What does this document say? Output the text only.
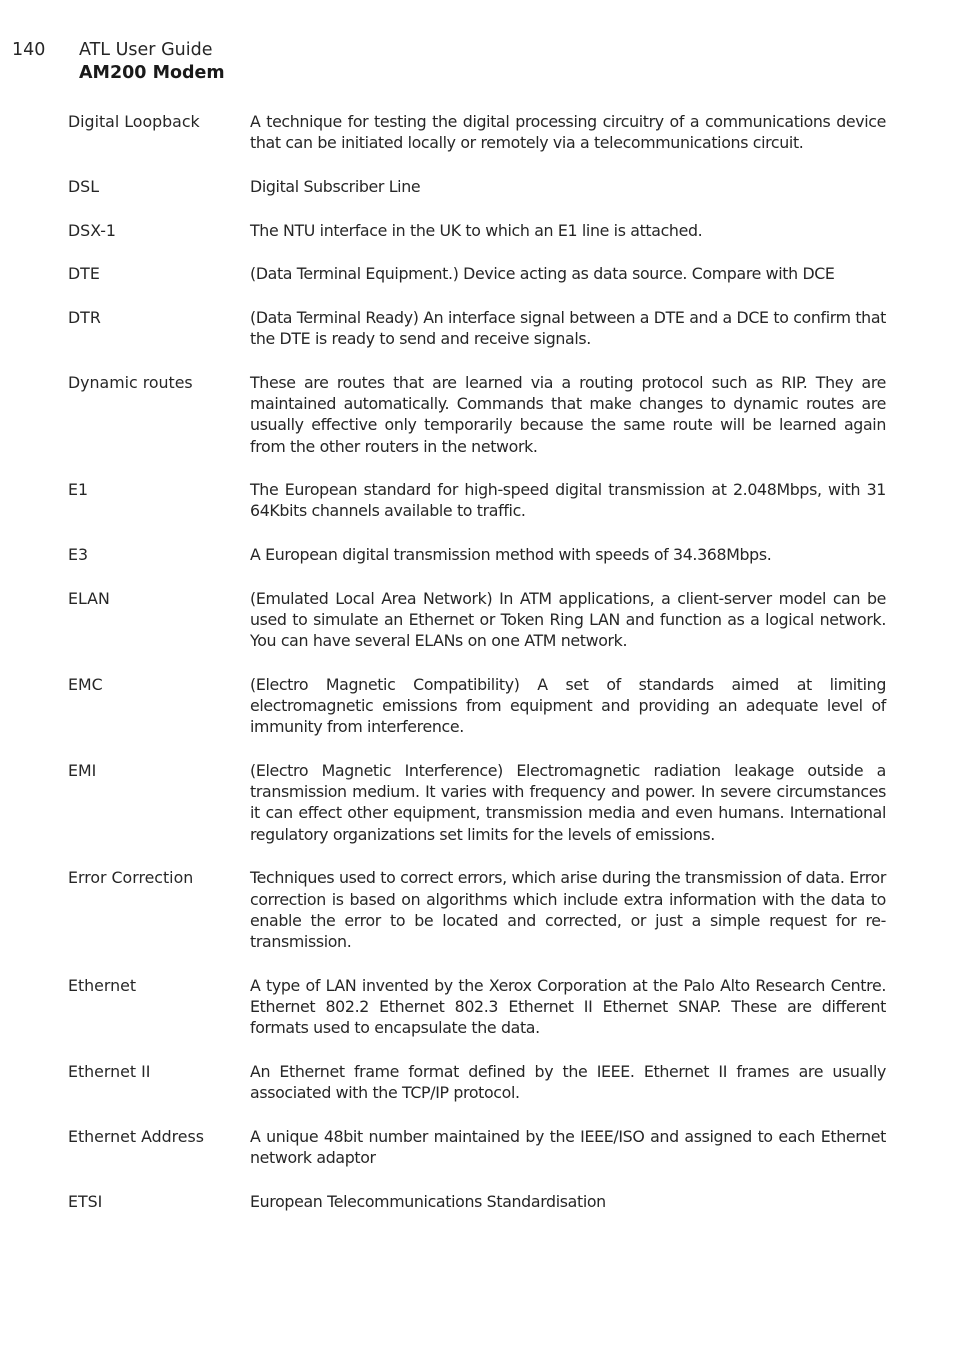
140	ATL User Guide
AM200 Modem
Digital Loopback	A technique for testing the digital processing circuitry of a communications device that can be initiated locally or remotely via a telecommunications circuit.
DSL	Digital Subscriber Line
DSX-1	The NTU interface in the UK to which an E1 line is attached.
DTE	(Data Terminal Equipment.) Device acting as data source. Compare with DCE
DTR	(Data Terminal Ready) An interface signal between a DTE and a DCE to confirm that the DTE is ready to send and receive signals.
Dynamic routes	These are routes that are learned via a routing protocol such as RIP. They are maintained automatically. Commands that make changes to dynamic routes are usually effective only temporarily because the same route will be learned again from the other routers in the network.
E1	The European standard for high-speed digital transmission at 2.048Mbps, with 31 64Kbits channels available to traffic.
E3	A European digital transmission method with speeds of 34.368Mbps.
ELAN	(Emulated Local Area Network) In ATM applications, a client-server model can be used to simulate an Ethernet or Token Ring LAN and function as a logical network. You can have several ELANs on one ATM network.
EMC	(Electro Magnetic Compatibility) A set of standards aimed at limiting electromagnetic emissions from equipment and providing an adequate level of immunity from interference.
EMI	(Electro Magnetic Interference) Electromagnetic radiation leakage outside a transmission medium. It varies with frequency and power. In severe circumstances it can effect other equipment, transmission media and even humans. International regulatory organizations set limits for the levels of emissions.
Error Correction	Techniques used to correct errors, which arise during the transmission of data. Error correction is based on algorithms which include extra information with the data to enable the error to be located and corrected, or just a simple request for re-transmission.
Ethernet	A type of LAN invented by the Xerox Corporation at the Palo Alto Research Centre. Ethernet 802.2 Ethernet 802.3 Ethernet II Ethernet SNAP. These are different formats used to encapsulate the data.
Ethernet II	An Ethernet frame format defined by the IEEE. Ethernet II frames are usually associated with the TCP/IP protocol.
Ethernet Address	A unique 48bit number maintained by the IEEE/ISO and assigned to each Ethernet network adaptor
ETSI	European Telecommunications Standardisation
